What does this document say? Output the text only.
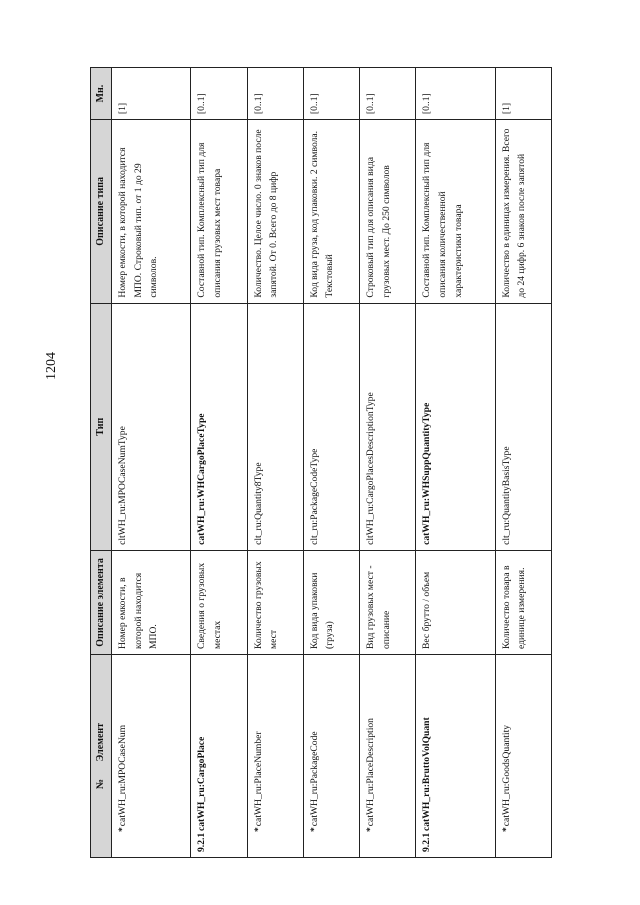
1204
№       Элемент	Описание элемента	Тип	Описание типа	Мн.

*catWH_ru:MPOCaseNum	Номер емкости, в которой находится МПО.	cltWH_ru:MPOCaseNumType	Номер емкости, в которой находится МПО. Строковый тип. от 1 до 29 символов.	[1]

9.2.1
catWH_ru:CargoPlace	Сведения о грузовых местах	catWH_ru:WHCargoPlaceType	Составной тип. Комплексный тип для описания грузовых мест товара	[0..1]

*catWH_ru:PlaceNumber	Количество грузовых мест	clt_ru:Quantity8Type	Количество. Целое число. 0 знаков после запятой. От 0. Всего до 8 цифр	[0..1]

*catWH_ru:PackageCode	Код вида упаковки (груза)	clt_ru:PackageCodeType	Код вида груза, код упаковки. 2 символа. Текстовый	[0..1]

*catWH_ru:PlaceDescription	Вид грузовых мест - описание	cltWH_ru:CargoPlacesDescriptionType	Строковый тип для описания вида грузовых мест. До 250 символов	[0..1]

9.2.1
catWH_ru:BruttoVolQuant	Вес брутто / объем	catWH_ru:WHSuppQuantityType	Составной тип. Комплексный тип для описания количественной характеристики товара	[0..1]

*catWH_ru:GoodsQuantity	Количество товара в единице измерения.	clt_ru:QuantityBasisType	Количество в единицах измерения. Всего до 24 цифр. 6 знаков после запятой	[1]
